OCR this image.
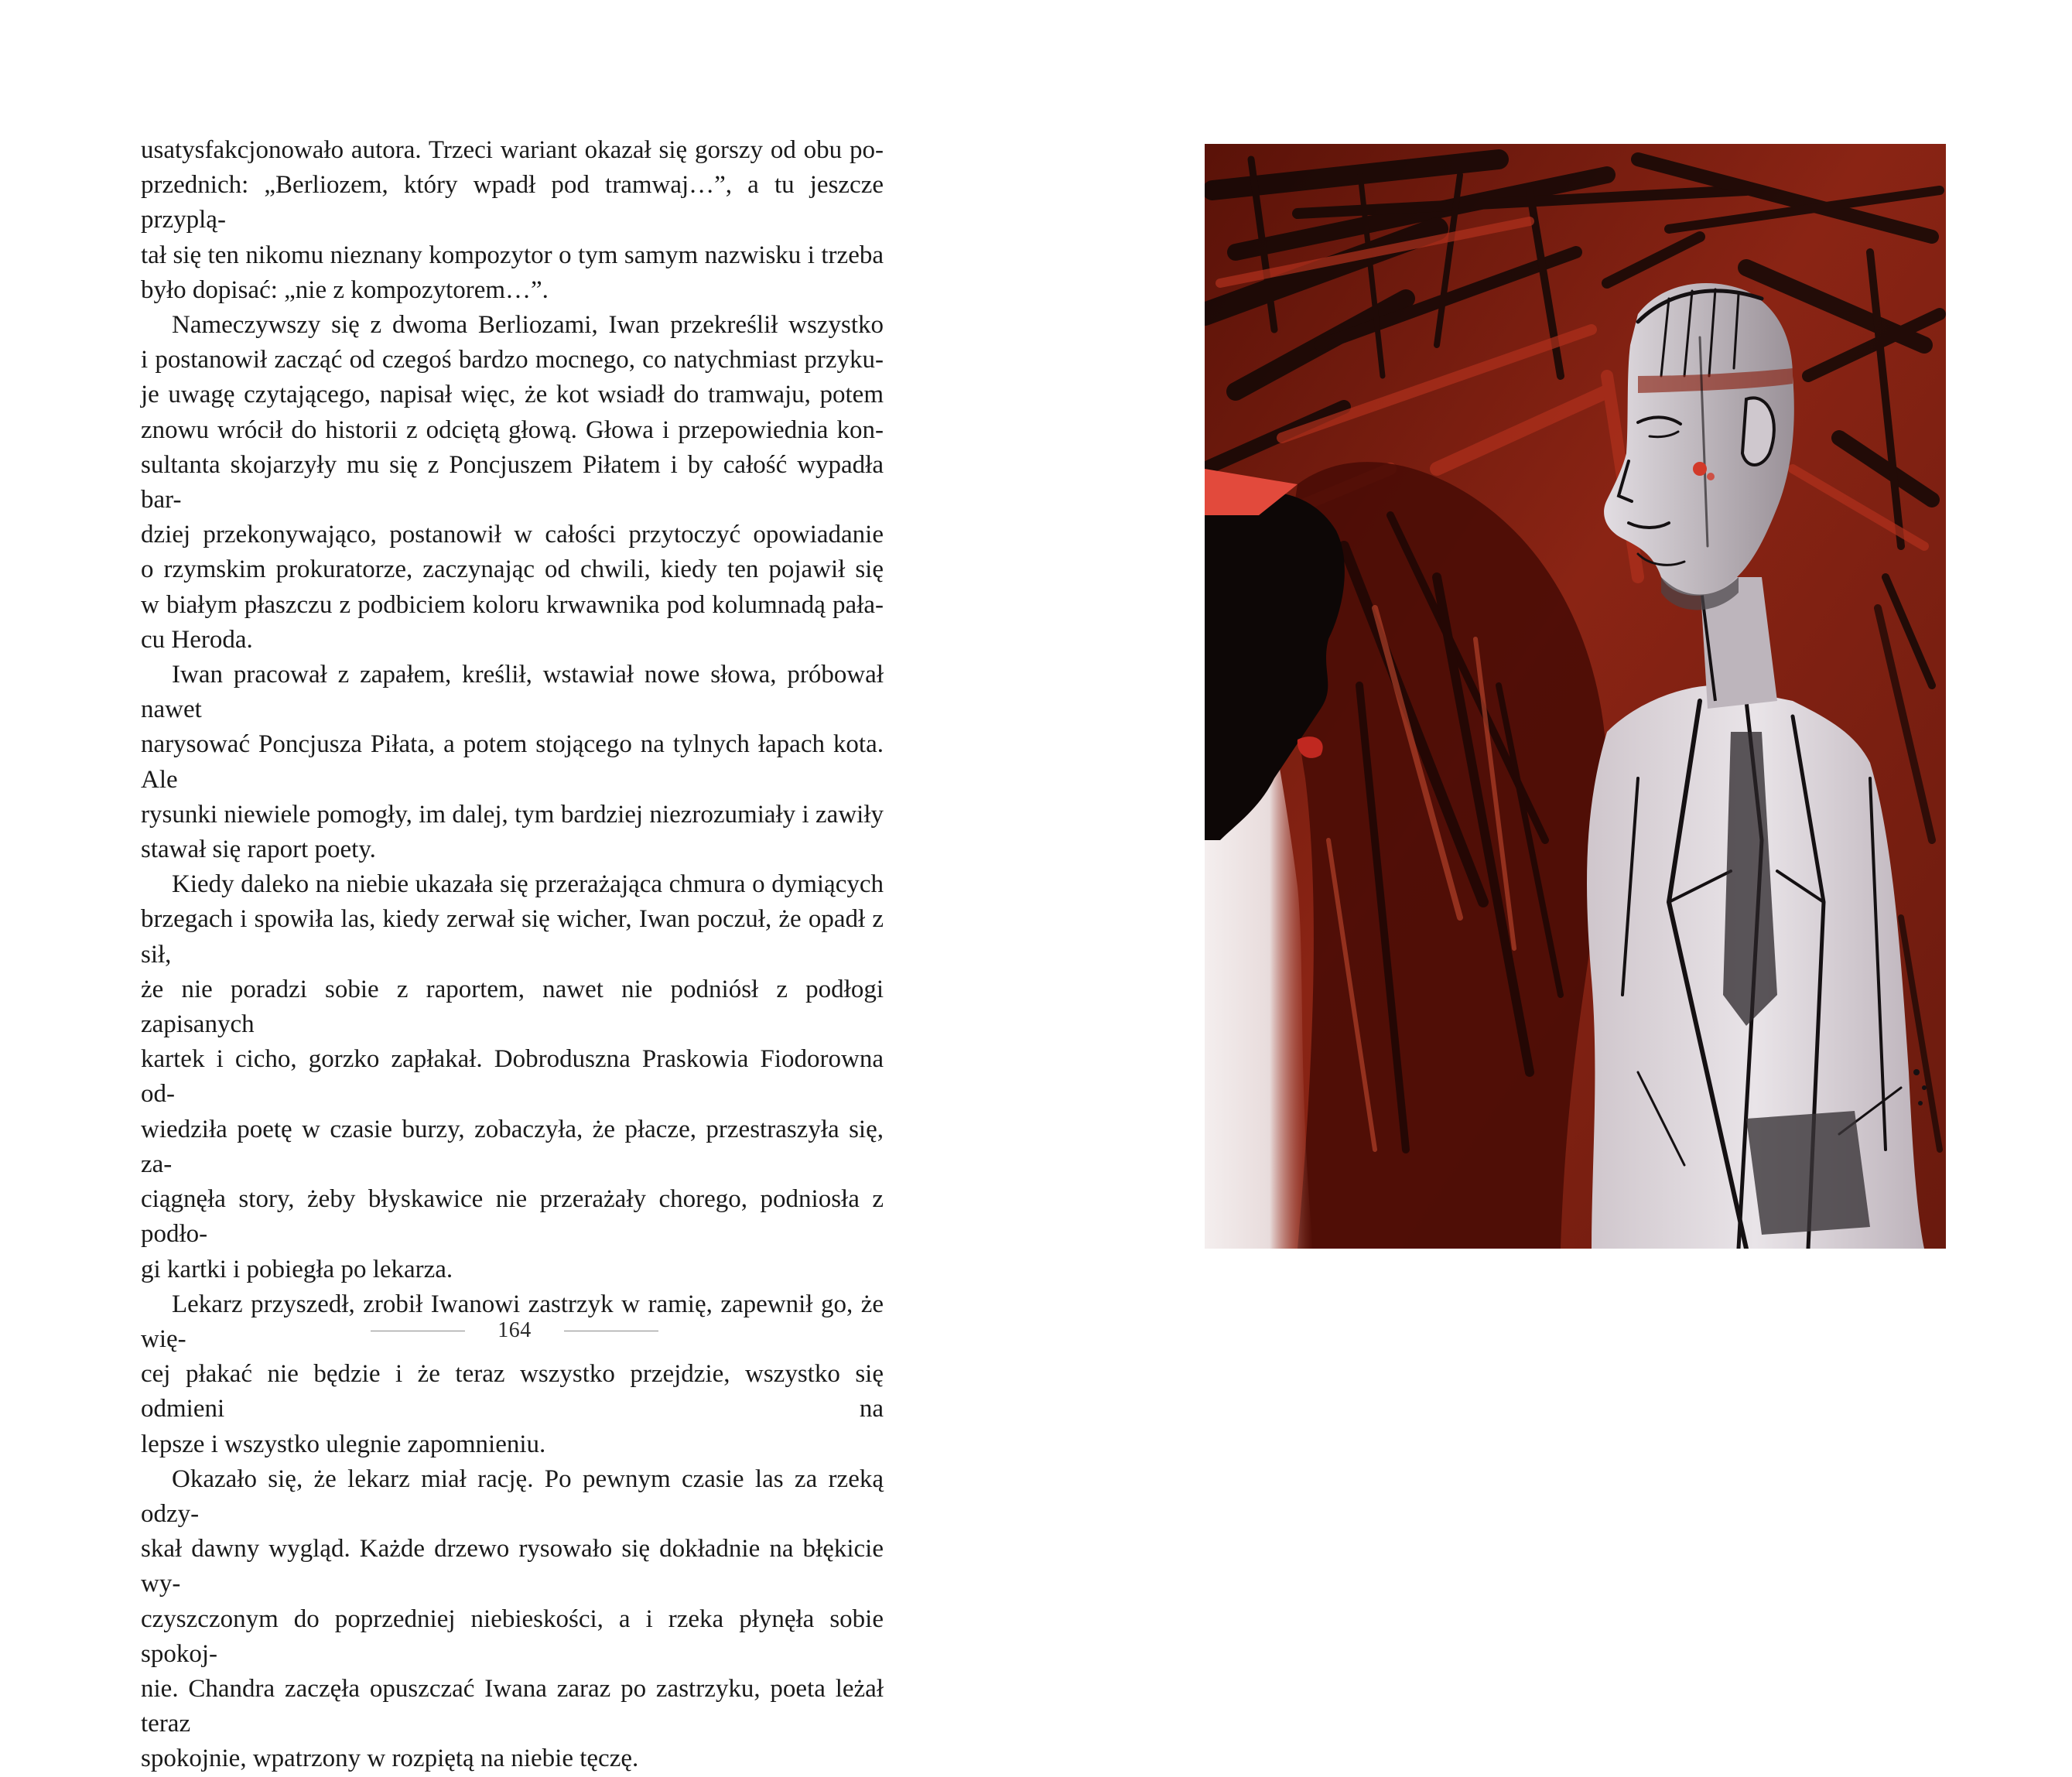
usatysfakcjonowało autora. Trzeci wariant okazał się gorszy od obu po-
przednich: „Berliozem, który wpadł pod tramwaj…”, a tu jeszcze przyplą-
tał się ten nikomu nieznany kompozytor o tym samym nazwisku i trzeba
było dopisać: „nie z kompozytorem…”.

Nameczywszy się z dwoma Berliozami, Iwan przekreślił wszystko
i postanowił zacząć od czegoś bardzo mocnego, co natychmiast przyku-
je uwagę czytającego, napisał więc, że kot wsiadł do tramwaju, potem
znowu wrócił do historii z odciętą głową. Głowa i przepowiednia kon-
sultanta skojarzyły mu się z Poncjuszem Piłatem i by całość wypadła bar-
dziej przekonywająco, postanowił w całości przytoczyć opowiadanie
o rzymskim prokuratorze, zaczynając od chwili, kiedy ten pojawił się
w białym płaszczu z podbiciem koloru krwawnika pod kolumnadą pała-
cu Heroda.

Iwan pracował z zapałem, kreślił, wstawiał nowe słowa, próbował nawet
narysować Poncjusza Piłata, a potem stojącego na tylnych łapach kota. Ale
rysunki niewiele pomogły, im dalej, tym bardziej niezrozumiały i zawiły
stawał się raport poety.

Kiedy daleko na niebie ukazała się przerażająca chmura o dymiących
brzegach i spowiła las, kiedy zerwał się wicher, Iwan poczuł, że opadł z sił,
że nie poradzi sobie z raportem, nawet nie podniósł z podłogi zapisanych
kartek i cicho, gorzko zapłakał. Dobroduszna Praskowia Fiodorowna od-
wiedziła poetę w czasie burzy, zobaczyła, że płacze, przestraszyła się, za-
ciągnęła story, żeby błyskawice nie przerażały chorego, podniosła z podło-
gi kartki i pobiegła po lekarza.

Lekarz przyszedł, zrobił Iwanowi zastrzyk w ramię, zapewnił go, że wię-
cej płakać nie będzie i że teraz wszystko przejdzie, wszystko się odmieni na
lepsze i wszystko ulegnie zapomnieniu.

Okazało się, że lekarz miał rację. Po pewnym czasie las za rzeką odzy-
skał dawny wygląd. Każde drzewo rysowało się dokładnie na błękicie wy-
czyszczonym do poprzedniej niebieskości, a i rzeka płynęła sobie spokoj-
nie. Chandra zaczęła opuszczać Iwana zaraz po zastrzyku, poeta leżał teraz
spokojnie, wpatrzony w rozpiętą na niebie tęczę.

164
